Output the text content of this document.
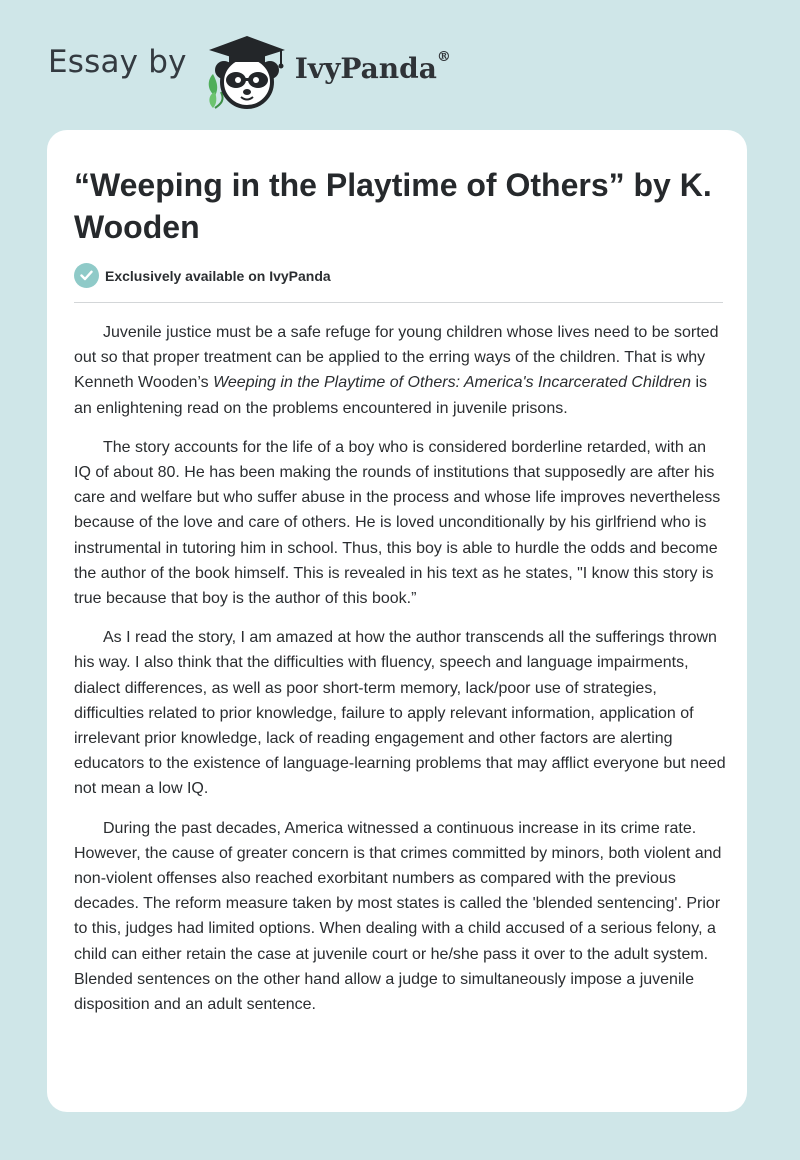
Essay by	IvyPanda®
“Weeping in the Playtime of Others” by K. Wooden
Exclusively available on IvyPanda

Juvenile justice must be a safe refuge for young children whose lives need to be sorted out so that proper treatment can be applied to the erring ways of the children. That is why Kenneth Wooden’s Weeping in the Playtime of Others: America's Incarcerated Children is an enlightening read on the problems encountered in juvenile prisons.

The story accounts for the life of a boy who is considered borderline retarded, with an IQ of about 80. He has been making the rounds of institutions that supposedly are after his care and welfare but who suffer abuse in the process and whose life improves nevertheless because of the love and care of others. He is loved unconditionally by his girlfriend who is instrumental in tutoring him in school. Thus, this boy is able to hurdle the odds and become the author of the book himself. This is revealed in his text as he states, "I know this story is true because that boy is the author of this book.”

As I read the story, I am amazed at how the author transcends all the sufferings thrown his way. I also think that the difficulties with fluency, speech and language impairments, dialect differences, as well as poor short-term memory, lack/poor use of strategies, difficulties related to prior knowledge, failure to apply relevant information, application of irrelevant prior knowledge, lack of reading engagement and other factors are alerting educators to the existence of language-learning problems that may afflict everyone but need not mean a low IQ.

During the past decades, America witnessed a continuous increase in its crime rate. However, the cause of greater concern is that crimes committed by minors, both violent and non-violent offenses also reached exorbitant numbers as compared with the previous decades. The reform measure taken by most states is called the 'blended sentencing'. Prior to this, judges had limited options. When dealing with a child accused of a serious felony, a child can either retain the case at juvenile court or he/she pass it over to the adult system. Blended sentences on the other hand allow a judge to simultaneously impose a juvenile disposition and an adult sentence.
